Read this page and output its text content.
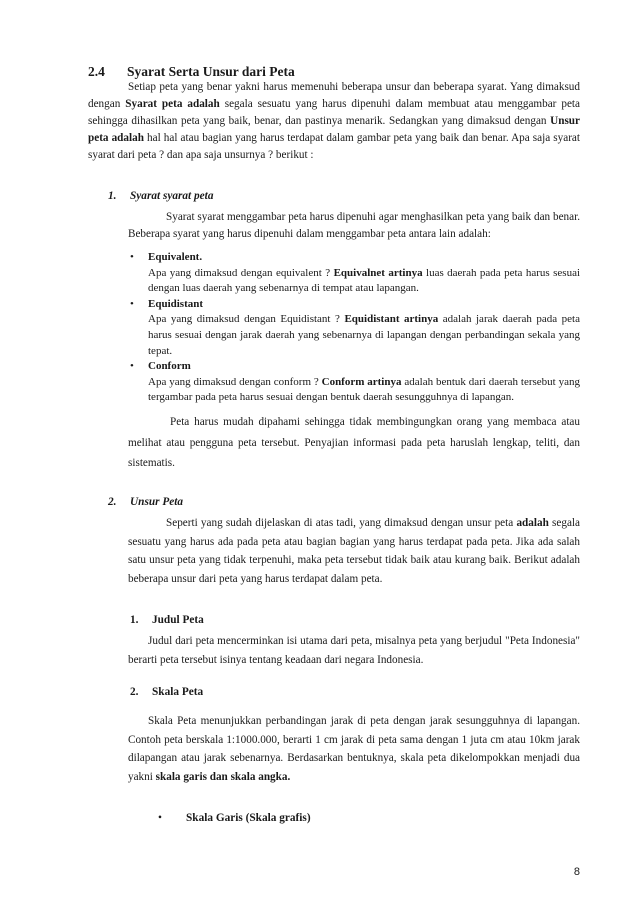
2.4 Syarat Serta Unsur dari Peta
Setiap peta yang benar yakni harus memenuhi beberapa unsur dan beberapa syarat. Yang dimaksud dengan Syarat peta adalah segala sesuatu yang harus dipenuhi dalam membuat atau menggambar peta sehingga dihasilkan peta yang baik, benar, dan pastinya menarik. Sedangkan yang dimaksud dengan Unsur peta adalah hal hal atau bagian yang harus terdapat dalam gambar peta yang baik dan benar. Apa saja syarat syarat dari peta ? dan apa saja unsurnya ? berikut :
1. Syarat syarat peta
Syarat syarat menggambar peta harus dipenuhi agar menghasilkan peta yang baik dan benar. Beberapa syarat yang harus dipenuhi dalam menggambar peta antara lain adalah:
• Equivalent.
Apa yang dimaksud dengan equivalent ? Equivalnet artinya luas daerah pada peta harus sesuai dengan luas daerah yang sebenarnya di tempat atau lapangan.
• Equidistant
Apa yang dimaksud dengan Equidistant ? Equidistant artinya adalah jarak daerah pada peta harus sesuai dengan jarak daerah yang sebenarnya di lapangan dengan perbandingan sekala yang tepat.
• Conform
Apa yang dimaksud dengan conform ? Conform artinya adalah bentuk dari daerah tersebut yang tergambar pada peta harus sesuai dengan bentuk daerah sesungguhnya di lapangan.
Peta harus mudah dipahami sehingga tidak membingungkan orang yang membaca atau melihat atau pengguna peta tersebut. Penyajian informasi pada peta haruslah lengkap, teliti, dan sistematis.
2. Unsur Peta
Seperti yang sudah dijelaskan di atas tadi, yang dimaksud dengan unsur peta adalah segala sesuatu yang harus ada pada peta atau bagian bagian yang harus terdapat pada peta. Jika ada salah satu unsur peta yang tidak terpenuhi, maka peta tersebut tidak baik atau kurang baik. Berikut adalah beberapa unsur dari peta yang harus terdapat dalam peta.
1. Judul Peta
Judul dari peta mencerminkan isi utama dari peta, misalnya peta yang berjudul "Peta Indonesia" berarti peta tersebut isinya tentang keadaan dari negara Indonesia.
2. Skala Peta
Skala Peta menunjukkan perbandingan jarak di peta dengan jarak sesungguhnya di lapangan. Contoh peta berskala 1:1000.000, berarti 1 cm jarak di peta sama dengan 1 juta cm atau 10km jarak dilapangan atau jarak sebenarnya. Berdasarkan bentuknya, skala peta dikelompokkan menjadi dua yakni skala garis dan skala angka.
• Skala Garis (Skala grafis)
8
